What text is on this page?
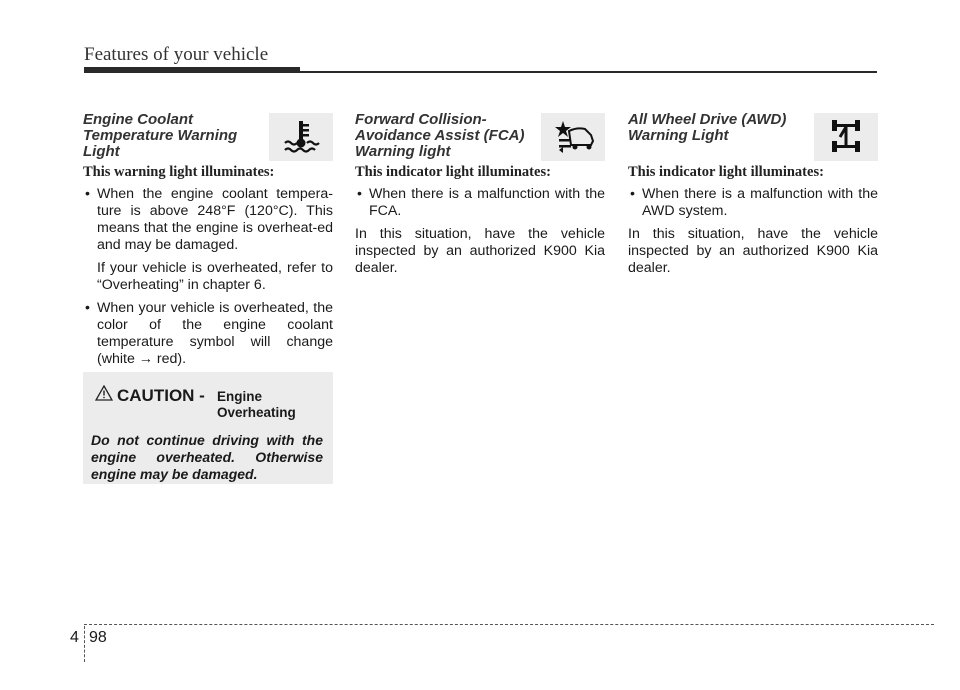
Features of your vehicle
Engine Coolant Temperature Warning Light

This warning light illuminates:

• When the engine coolant tempera-ture is above 248°F (120°C). This means that the engine is overheat-ed and may be damaged.

If your vehicle is overheated, refer to “Overheating” in chapter 6.

• When your vehicle is overheated, the color of the engine coolant temperature symbol will change (white → red).

CAUTION - Engine Overheating
Do not continue driving with the engine overheated. Otherwise engine may be damaged.
Forward Collision-Avoidance Assist (FCA) Warning light

This indicator light illuminates:

• When there is a malfunction with the FCA.

In this situation, have the vehicle inspected by an authorized K900 Kia dealer.

All Wheel Drive (AWD) Warning Light

This indicator light illuminates:

• When there is a malfunction with the AWD system.

In this situation, have the vehicle inspected by an authorized K900 Kia dealer.

4 98
